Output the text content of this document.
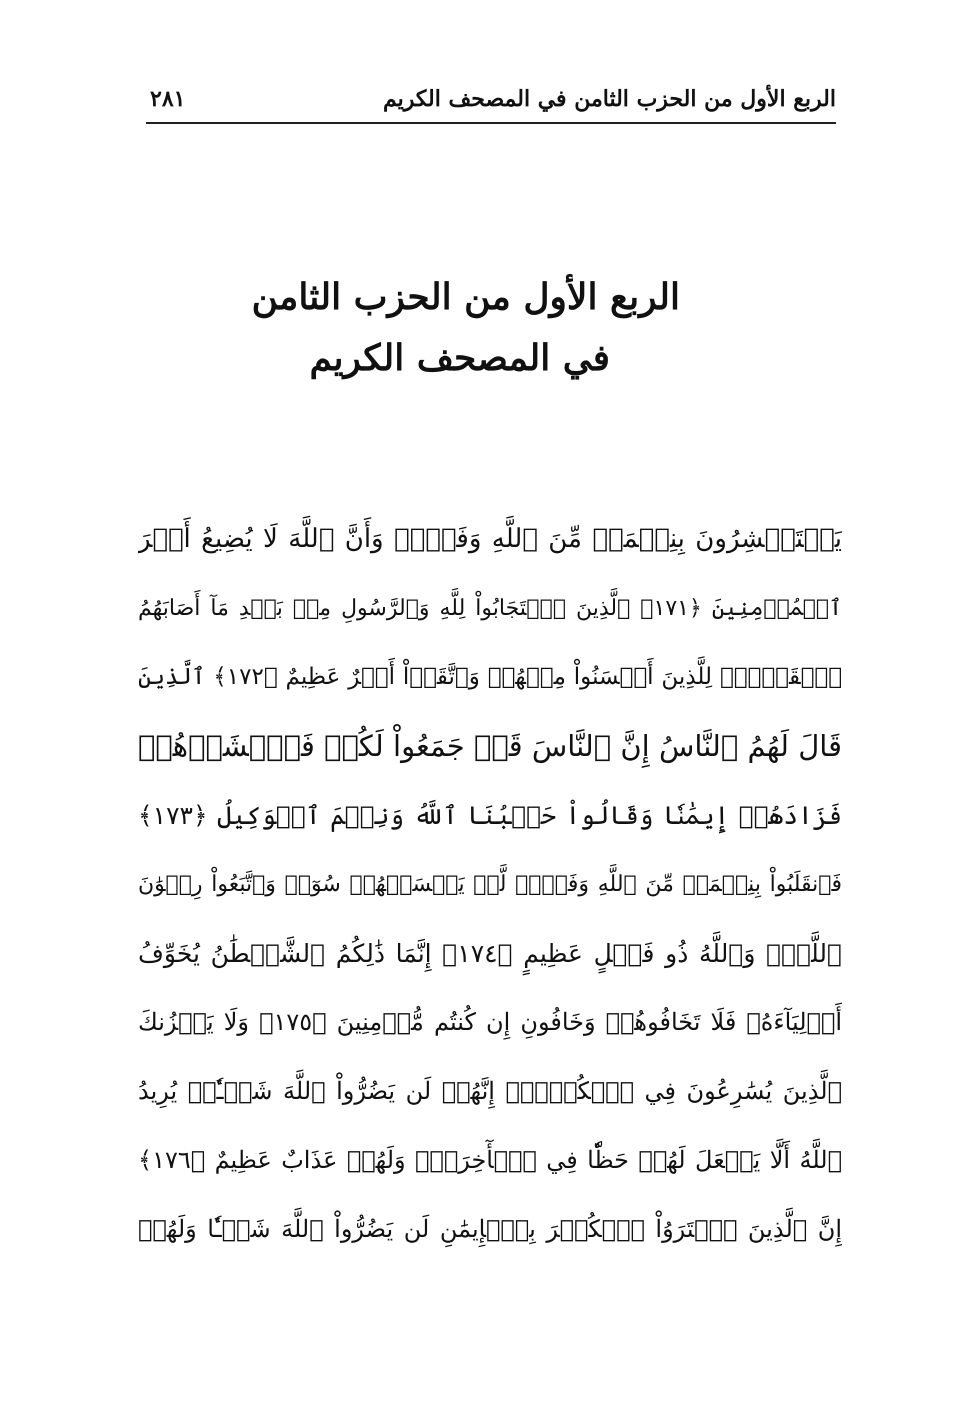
الربع الأول من الحزب الثامن في المصحف الكريم
٢٨١
الربع الأول من الحزب الثامن
في المصحف الكريم
يَسۡتَبۡشِرُونَ بِنِعۡمَةٖ مِّنَ ٱللَّهِ وَفَضۡلٖ وَأَنَّ ٱللَّهَ لَا يُضِيعُ أَجۡرَ
ٱلۡمُؤۡمِنِينَ ﴿١٧١﴾ ٱلَّذِينَ ٱسۡتَجَابُواْ لِلَّهِ وَٱلرَّسُولِ مِنۢ بَعۡدِ مَآ أَصَابَهُمُ
ٱلۡقَرۡحُۚ لِلَّذِينَ أَحۡسَنُواْ مِنۡهُمۡ وَٱتَّقَوۡاْ أَجۡرٌ عَظِيمٌ ﴿١٧٢﴾ ٱلَّذِينَ
قَالَ لَهُمُ ٱلنَّاسُ إِنَّ ٱلنَّاسَ قَدۡ جَمَعُواْ لَكُمۡ فَٱخۡشَوۡهُمۡ
فَزَادَهُمۡ إِيمَٰنٗا وَقَالُواْ حَسۡبُنَا ٱللَّهُ وَنِعۡمَ ٱلۡوَكِيلُ ﴿١٧٣﴾
فَٱنقَلَبُواْ بِنِعۡمَةٖ مِّنَ ٱللَّهِ وَفَضۡلٖ لَّمۡ يَمۡسَسۡهُمۡ سُوٓءٞ وَٱتَّبَعُواْ رِضۡوَٰنَ
ٱللَّهِۗ وَٱللَّهُ ذُو فَضۡلٍ عَظِيمٍ ﴿١٧٤﴾ إِنَّمَا ذَٰلِكُمُ ٱلشَّيۡطَٰنُ يُخَوِّفُ
أَوۡلِيَآءَهُۥ فَلَا تَخَافُوهُمۡ وَخَافُونِ إِن كُنتُم مُّؤۡمِنِينَ ﴿١٧٥﴾ وَلَا يَحۡزُنكَ
ٱلَّذِينَ يُسَٰرِعُونَ فِي ٱلۡكُفۡرِۚ إِنَّهُمۡ لَن يَضُرُّواْ ٱللَّهَ شَيۡـٔٗاۗ يُرِيدُ
ٱللَّهُ أَلَّا يَجۡعَلَ لَهُمۡ حَظّٗا فِي ٱلۡأٓخِرَةِۖ وَلَهُمۡ عَذَابٌ عَظِيمٌ ﴿١٧٦﴾
إِنَّ ٱلَّذِينَ ٱشۡتَرَوُاْ ٱلۡكُفۡرَ بِٱلۡإِيمَٰنِ لَن يَضُرُّواْ ٱللَّهَ شَيۡـٔٗا وَلَهُمۡ
